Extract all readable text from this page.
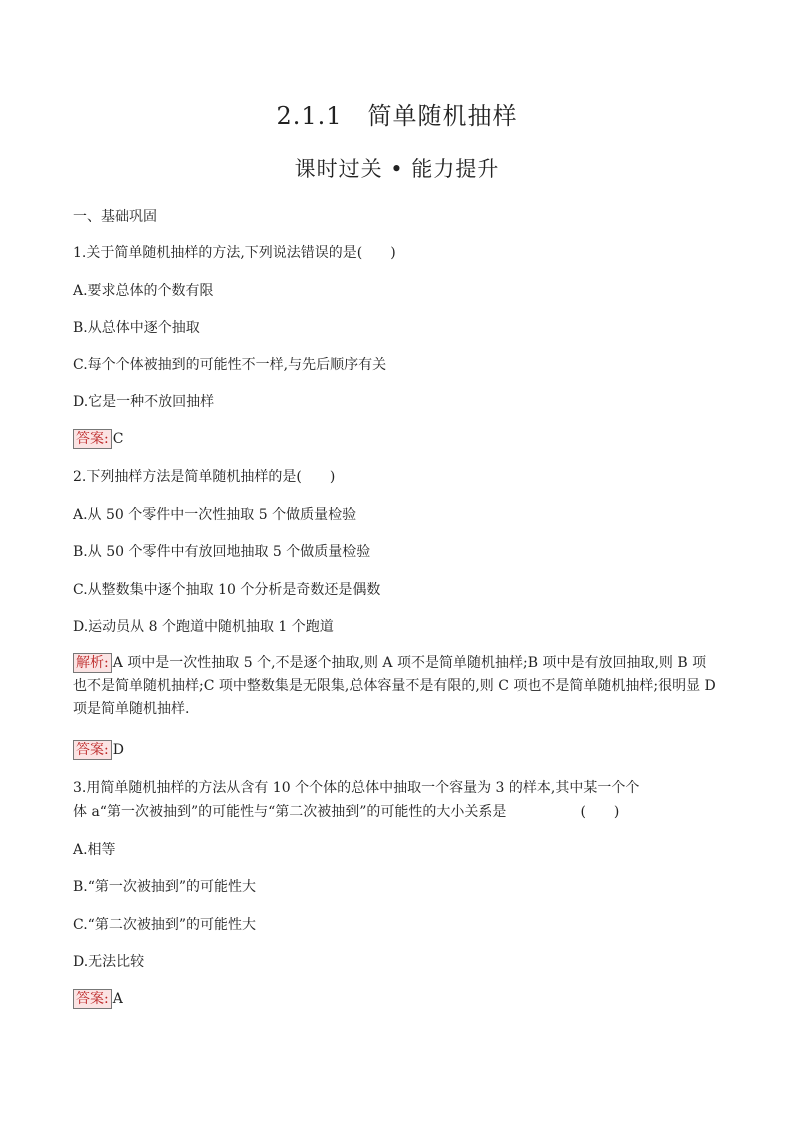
2.1.1　简单随机抽样
课时过关 • 能力提升
一、基础巩固
1.关于简单随机抽样的方法,下列说法错误的是(　　)
A.要求总体的个数有限
B.从总体中逐个抽取
C.每个个体被抽到的可能性不一样,与先后顺序有关
D.它是一种不放回抽样
答案: C
2.下列抽样方法是简单随机抽样的是(　　)
A.从 50 个零件中一次性抽取 5 个做质量检验
B.从 50 个零件中有放回地抽取 5 个做质量检验
C.从整数集中逐个抽取 10 个分析是奇数还是偶数
D.运动员从 8 个跑道中随机抽取 1 个跑道
解析: A 项中是一次性抽取 5 个,不是逐个抽取,则 A 项不是简单随机抽样;B 项中是有放回抽取,则 B 项也不是简单随机抽样;C 项中整数集是无限集,总体容量不是有限的,则 C 项也不是简单随机抽样;很明显 D 项是简单随机抽样.
答案: D
3.用简单随机抽样的方法从含有 10 个个体的总体中抽取一个容量为 3 的样本,其中某一个个
体 a“第一次被抽到”的可能性与“第二次被抽到”的可能性的大小关系是	(　　)
A.相等
B.“第一次被抽到”的可能性大
C.“第二次被抽到”的可能性大
D.无法比较
答案: A
